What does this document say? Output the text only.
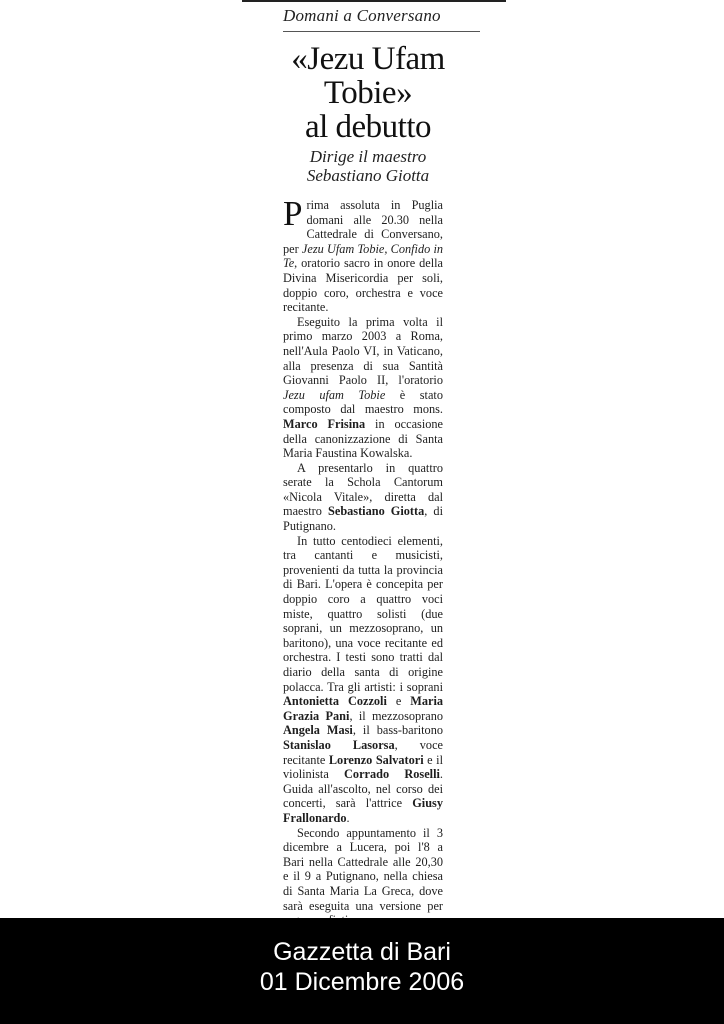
Domani a Conversano
«Jezu Ufam
Tobie»
al debutto
Dirige il maestro
Sebastiano Giotta

Prima assoluta in Puglia domani alle 20.30 nella Cattedrale di Conversano, per Jezu Ufam Tobie, Confido in Te, oratorio sacro in onore della Divina Misericordia per soli, doppio coro, orchestra e voce recitante.

Eseguito la prima volta il primo marzo 2003 a Roma, nell'Aula Paolo VI, in Vaticano, alla presenza di sua Santità Giovanni Paolo II, l'oratorio Jezu ufam Tobie è stato composto dal maestro mons. Marco Frisina in occasione della canonizzazione di Santa Maria Faustina Kowalska.

A presentarlo in quattro serate la Schola Cantorum «Nicola Vitale», diretta dal maestro Sebastiano Giotta, di Putignano.

In tutto centodieci elementi, tra cantanti e musicisti, provenienti da tutta la provincia di Bari. L'opera è concepita per doppio coro a quattro voci miste, quattro solisti (due soprani, un mezzosoprano, un baritono), una voce recitante ed orchestra. I testi sono tratti dal diario della santa di origine polacca. Tra gli artisti: i soprani Antonietta Cozzoli e Maria Grazia Pani, il mezzosoprano Angela Masi, il bass-baritono Stanislao Lasorsa, voce recitante Lorenzo Salvatori e il violinista Corrado Roselli. Guida all'ascolto, nel corso dei concerti, sarà l'attrice Giusy Frallonardo.

Secondo appuntamento il 3 dicembre a Lucera, poi l'8 a Bari nella Cattedrale alle 20,30 e il 9 a Putignano, nella chiesa di Santa Maria La Greca, dove sarà eseguita una versione per

Gazzetta di Bari
01 Dicembre 2006
